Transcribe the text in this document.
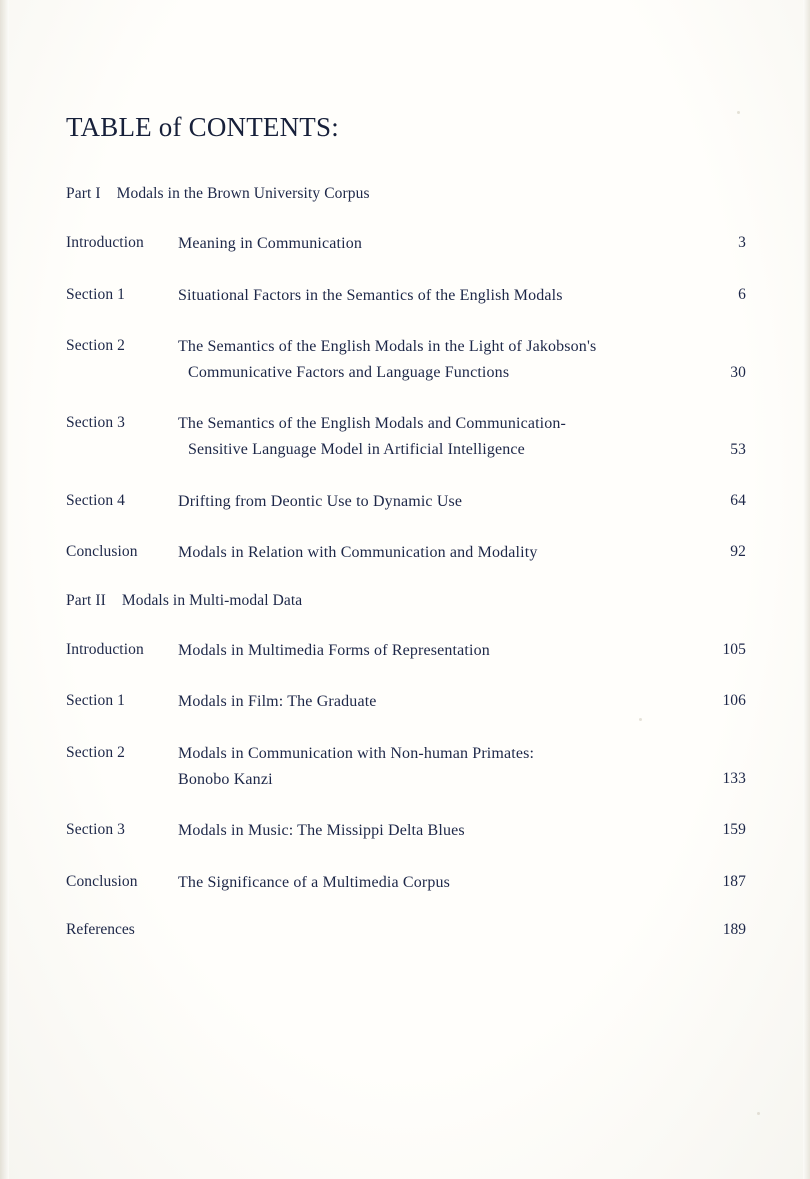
TABLE of CONTENTS:
Part I Modals in the Brown University Corpus
Introduction	Meaning in Communication	3
Section 1	Situational Factors in the Semantics of the English Modals	6
Section 2	The Semantics of the English Modals in the Light of Jakobson's
Communicative Factors and Language Functions	30
Section 3	The Semantics of the English Modals and Communication-
Sensitive Language Model in Artificial Intelligence	53
Section 4	Drifting from Deontic Use to Dynamic Use	64
Conclusion	Modals in Relation with Communication and Modality	92
Part II Modals in Multi-modal Data
Introduction	Modals in Multimedia Forms of Representation	105
Section 1	Modals in Film: The Graduate	106
Section 2	Modals in Communication with Non-human Primates:
Bonobo Kanzi	133
Section 3	Modals in Music: The Missippi Delta Blues	159
Conclusion	The Significance of a Multimedia Corpus	187
References	189
